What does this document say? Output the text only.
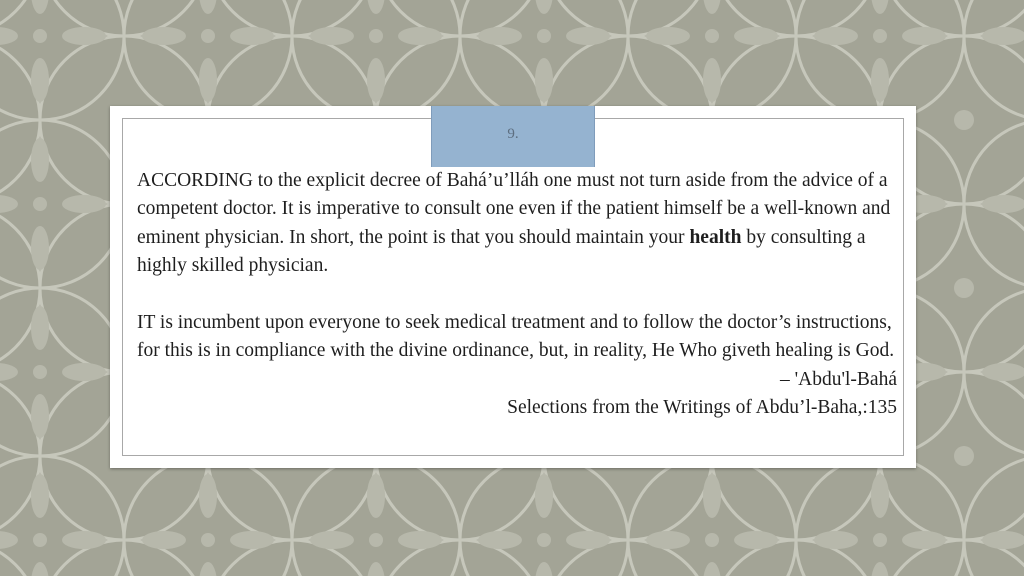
9.

ACCORDING to the explicit decree of Bahá’u’lláh one must not turn aside from the advice of a competent doctor. It is imperative to consult one even if the patient himself be a well-known and eminent physician. In short, the point is that you should maintain your health by consulting a highly skilled physician.

IT is incumbent upon everyone to seek medical treatment and to follow the doctor’s instructions, for this is in compliance with the divine ordinance, but, in reality, He Who giveth healing is God.

– 'Abdu'l-Bahá
Selections from the Writings of Abdu’l-Baha,:135
